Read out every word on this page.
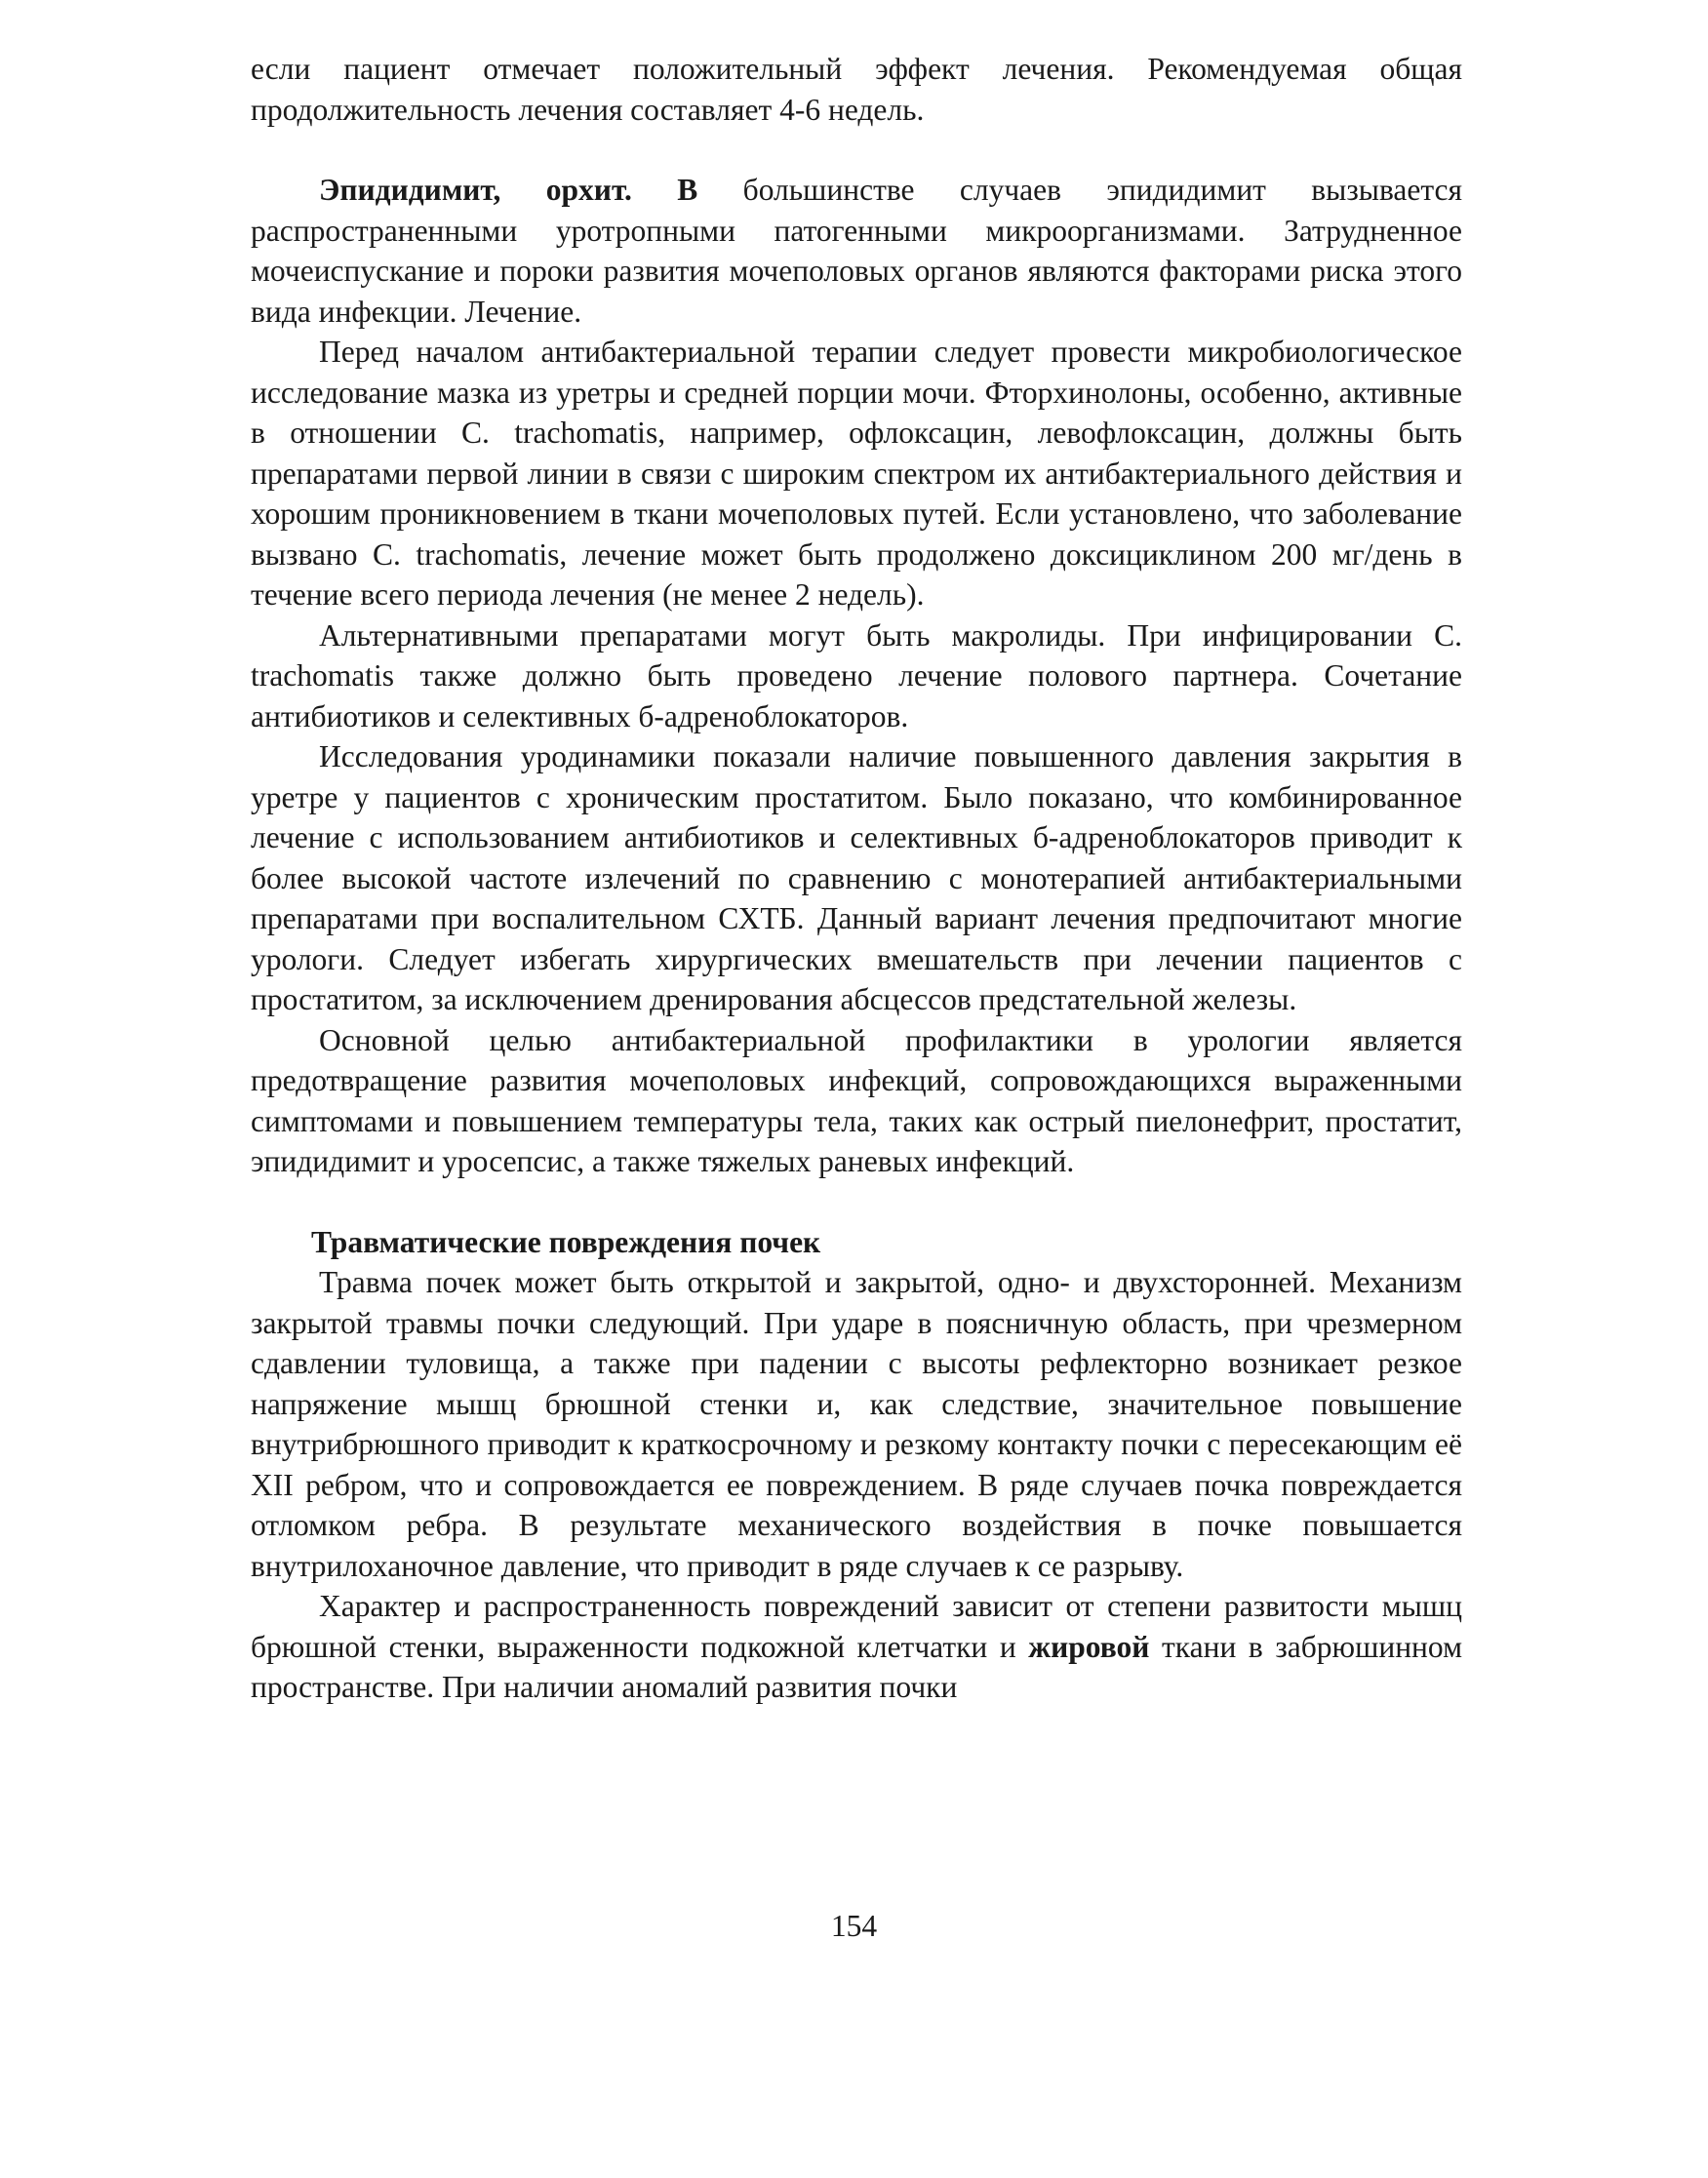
если пациент отмечает положительный эффект лечения. Рекомендуемая общая продолжительность лечения составляет 4-6 недель.

Эпидидимит, орхит. В большинстве случаев эпидидимит вызывается распространенными уротропными патогенными микроорганизмами. Затрудненное мочеиспускание и пороки развития мочеполовых органов являются факторами риска этого вида инфекции. Лечение.

Перед началом антибактериальной терапии следует провести микробиологическое исследование мазка из уретры и средней порции мочи. Фторхинолоны, особенно, активные в отношении C. trachomatis, например, офлоксацин, левофлоксацин, должны быть препаратами первой линии в связи с широким спектром их антибактериального действия и хорошим проникновением в ткани мочеполовых путей. Если установлено, что заболевание вызвано C. trachomatis, лечение может быть продолжено доксициклином 200 мг/день в течение всего периода лечения (не менее 2 недель).

Альтернативными препаратами могут быть макролиды. При инфицировании C. trachomatis также должно быть проведено лечение полового партнера. Сочетание антибиотиков и селективных б-адреноблокаторов.

Исследования уродинамики показали наличие повышенного давления закрытия в уретре у пациентов с хроническим простатитом. Было показано, что комбинированное лечение с использованием антибиотиков и селективных б-адреноблокаторов приводит к более высокой частоте излечений по сравнению с монотерапией антибактериальными препаратами при воспалительном СХТБ. Данный вариант лечения предпочитают многие урологи. Следует избегать хирургических вмешательств при лечении пациентов с простатитом, за исключением дренирования абсцессов предстательной железы.

Основной целью антибактериальной профилактики в урологии является предотвращение развития мочеполовых инфекций, сопровождающихся выраженными симптомами и повышением температуры тела, таких как острый пиелонефрит, простатит, эпидидимит и уросепсис, а также тяжелых раневых инфекций.

Травматические повреждения почек

Травма почек может быть открытой и закрытой, одно- и двухсторонней. Механизм закрытой травмы почки следующий. При ударе в поясничную область, при чрезмерном сдавлении туловища, а также при падении с высоты рефлекторно возникает резкое напряжение мышц брюшной стенки и, как следствие, значительное повышение внутрибрюшного приводит к краткосрочному и резкому контакту почки с пересекающим её XII ребром, что и сопровождается ее повреждением. В ряде случаев почка повреждается отломком ребра. В результате механического воздействия в почке повышается внутрилоханочное давление, что приводит в ряде случаев к се разрыву.

Характер и распространенность повреждений зависит от степени развитости мышц брюшной стенки, выраженности подкожной клетчатки и жировой ткани в забрюшинном пространстве. При наличии аномалий развития почки

154
